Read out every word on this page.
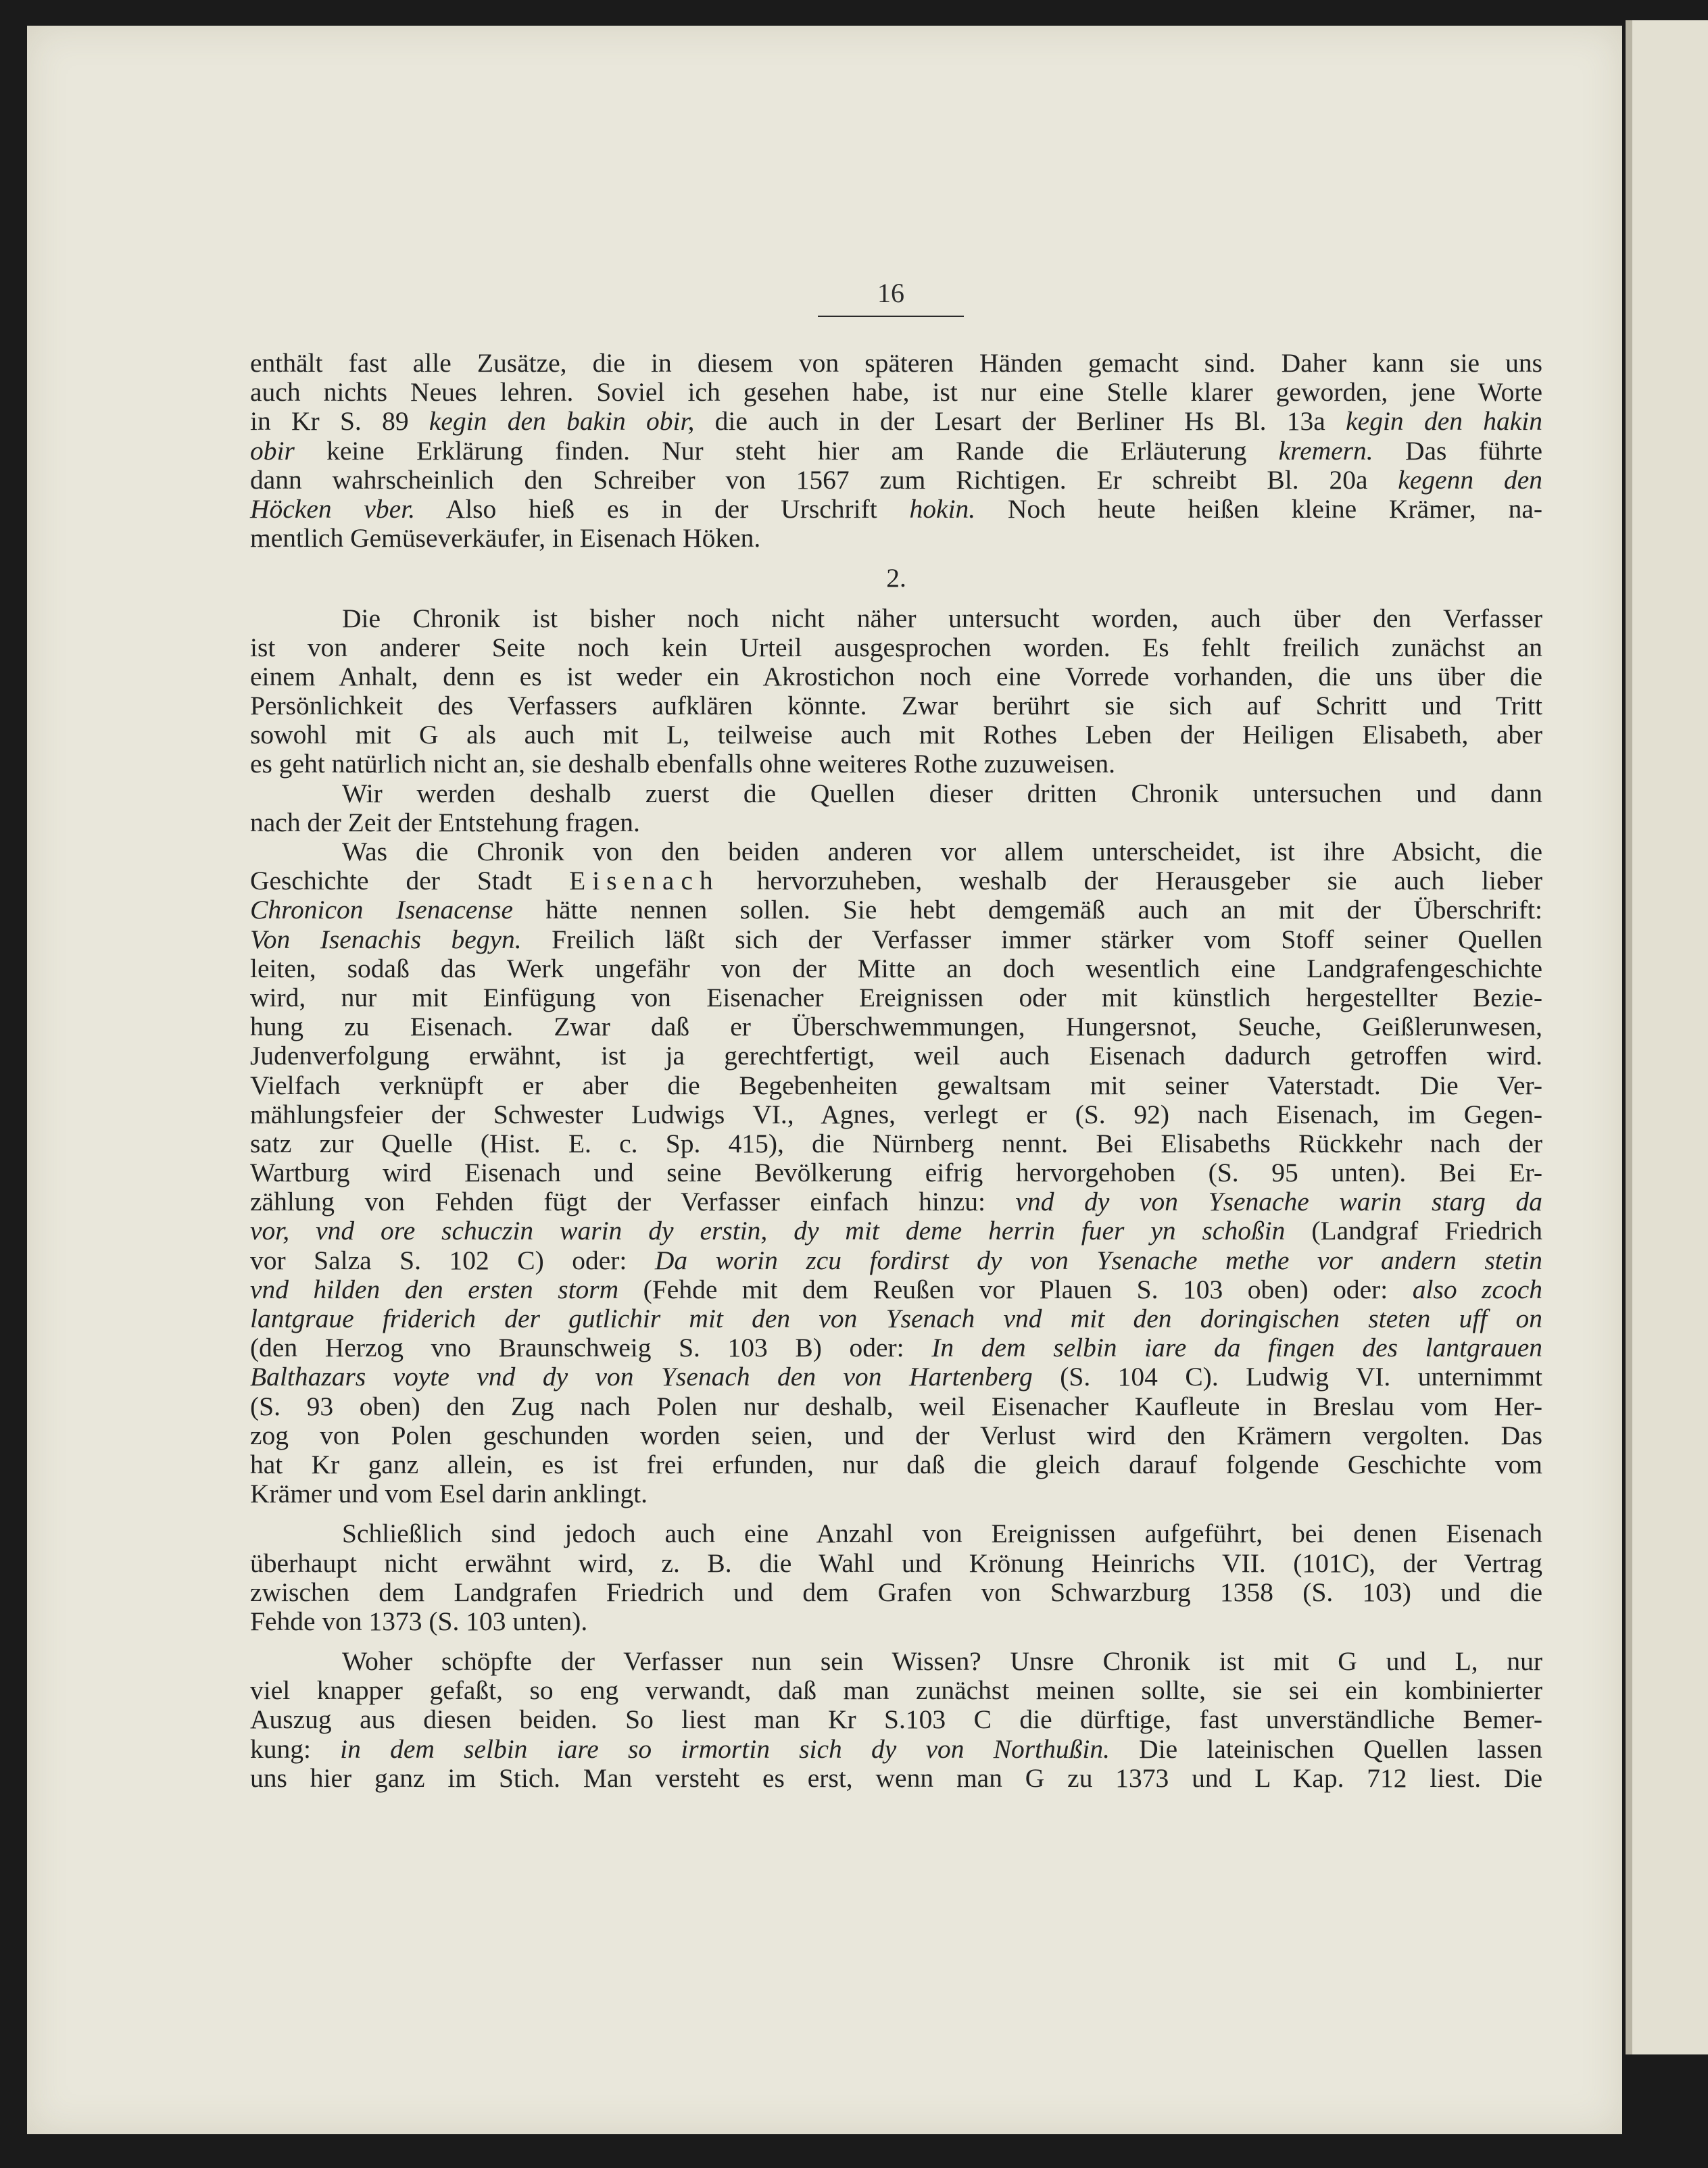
16
enthält fast alle Zusätze, die in diesem von späteren Händen gemacht sind. Daher kann sie uns
auch nichts Neues lehren. Soviel ich gesehen habe, ist nur eine Stelle klarer geworden, jene Worte
in Kr S. 89 kegin den bakin obir, die auch in der Lesart der Berliner Hs Bl. 13a kegin den hakin
obir keine Erklärung finden. Nur steht hier am Rande die Erläuterung kremern. Das führte
dann wahrscheinlich den Schreiber von 1567 zum Richtigen. Er schreibt Bl. 20a kegenn den
Höcken vber. Also hieß es in der Urschrift hokin. Noch heute heißen kleine Krämer, na-
mentlich Gemüseverkäufer, in Eisenach Höken.
2.
Die Chronik ist bisher noch nicht näher untersucht worden, auch über den Verfasser
ist von anderer Seite noch kein Urteil ausgesprochen worden. Es fehlt freilich zunächst an
einem Anhalt, denn es ist weder ein Akrostichon noch eine Vorrede vorhanden, die uns über die
Persönlichkeit des Verfassers aufklären könnte. Zwar berührt sie sich auf Schritt und Tritt
sowohl mit G als auch mit L, teilweise auch mit Rothes Leben der Heiligen Elisabeth, aber
es geht natürlich nicht an, sie deshalb ebenfalls ohne weiteres Rothe zuzuweisen.
Wir werden deshalb zuerst die Quellen dieser dritten Chronik untersuchen und dann
nach der Zeit der Entstehung fragen.
Was die Chronik von den beiden anderen vor allem unterscheidet, ist ihre Absicht, die
Geschichte der Stadt Eisenach hervorzuheben, weshalb der Herausgeber sie auch lieber
Chronicon Isenacense hätte nennen sollen. Sie hebt demgemäß auch an mit der Überschrift:
Von Isenachis begyn. Freilich läßt sich der Verfasser immer stärker vom Stoff seiner Quellen
leiten, sodaß das Werk ungefähr von der Mitte an doch wesentlich eine Landgrafengeschichte
wird, nur mit Einfügung von Eisenacher Ereignissen oder mit künstlich hergestellter Bezie-
hung zu Eisenach. Zwar daß er Überschwemmungen, Hungersnot, Seuche, Geißlerunwesen,
Judenverfolgung erwähnt, ist ja gerechtfertigt, weil auch Eisenach dadurch getroffen wird.
Vielfach verknüpft er aber die Begebenheiten gewaltsam mit seiner Vaterstadt. Die Ver-
mählungsfeier der Schwester Ludwigs VI., Agnes, verlegt er (S. 92) nach Eisenach, im Gegen-
satz zur Quelle (Hist. E. c. Sp. 415), die Nürnberg nennt. Bei Elisabeths Rückkehr nach der
Wartburg wird Eisenach und seine Bevölkerung eifrig hervorgehoben (S. 95 unten). Bei Er-
zählung von Fehden fügt der Verfasser einfach hinzu: vnd dy von Ysenache warin starg da
vor, vnd ore schuczin warin dy erstin, dy mit deme herrin fuer yn schoßin (Landgraf Friedrich
vor Salza S. 102 C) oder: Da worin zcu fordirst dy von Ysenache methe vor andern stetin
vnd hilden den ersten storm (Fehde mit dem Reußen vor Plauen S. 103 oben) oder: also zcoch
lantgraue friderich der gutlichir mit den von Ysenach vnd mit den doringischen steten uff on
(den Herzog vno Braunschweig S. 103 B) oder: In dem selbin iare da fingen des lantgrauen
Balthazars voyte vnd dy von Ysenach den von Hartenberg (S. 104 C). Ludwig VI. unternimmt
(S. 93 oben) den Zug nach Polen nur deshalb, weil Eisenacher Kaufleute in Breslau vom Her-
zog von Polen geschunden worden seien, und der Verlust wird den Krämern vergolten. Das
hat Kr ganz allein, es ist frei erfunden, nur daß die gleich darauf folgende Geschichte vom
Krämer und vom Esel darin anklingt.
Schließlich sind jedoch auch eine Anzahl von Ereignissen aufgeführt, bei denen Eisenach
überhaupt nicht erwähnt wird, z. B. die Wahl und Krönung Heinrichs VII. (101C), der Vertrag
zwischen dem Landgrafen Friedrich und dem Grafen von Schwarzburg 1358 (S. 103) und die
Fehde von 1373 (S. 103 unten).
Woher schöpfte der Verfasser nun sein Wissen? Unsre Chronik ist mit G und L, nur
viel knapper gefaßt, so eng verwandt, daß man zunächst meinen sollte, sie sei ein kombinierter
Auszug aus diesen beiden. So liest man Kr S.103 C die dürftige, fast unverständliche Bemer-
kung: in dem selbin iare so irmortin sich dy von Northußin. Die lateinischen Quellen lassen
uns hier ganz im Stich. Man versteht es erst, wenn man G zu 1373 und L Kap. 712 liest. Die
